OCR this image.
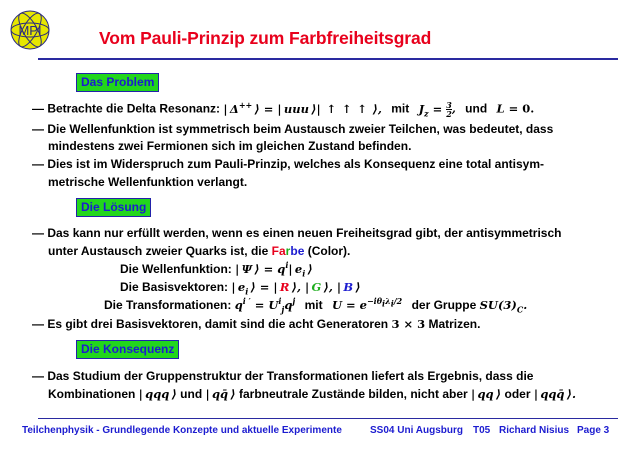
MPI	Vom Pauli-Prinzip zum Farbfreiheitsgrad
Das Problem
— Betrachte die Delta Resonanz: | Δ++ ⟩ = | uuu ⟩| ↑ ↑ ↑ ⟩,   mit  $J_z = \frac{3}{2}$ ,   und  L = 0.
— Die Wellenfunktion ist symmetrisch beim Austausch zweier Teilchen, was bedeutet, dass
mindestens zwei Fermionen sich im gleichen Zustand befinden.
— Dies ist im Widerspruch zum Pauli-Prinzip, welches als Konsequenz eine total antisym-
metrische Wellenfunktion verlangt.
Die Lösung
— Das kann nur erfüllt werden, wenn es einen neuen Freiheitsgrad gibt, der antisymmetrisch
unter Austausch zweier Quarks ist, die Farbe (Color).
Die Wellenfunktion: | Ψ ⟩ = $q^i|$ $e_i$ ⟩
Die Basisvektoren: | $e_i$ ⟩ = | R ⟩, | G ⟩, | B ⟩
Die Transformationen: $q^{i '} = U^i_jq^j$   mit  $U = e^{-i\theta_i\lambda_i/2}$   der Gruppe $SU(3)_C$.
— Es gibt drei Basisvektoren, damit sind die acht Generatoren 3 × 3 Matrizen.
Die Konsequenz
— Das Studium der Gruppenstruktur der Transformationen liefert als Ergebnis, dass die
Kombinationen | qqq ⟩ und | qq̄ ⟩ farbneutrale Zustände bilden, nicht aber | qq ⟩ oder | qqq̄ ⟩.
Teilchenphysik - Grundlegende Konzepte und aktuelle Experimente	SS04 Uni Augsburg T05 Richard Nisius Page 3
